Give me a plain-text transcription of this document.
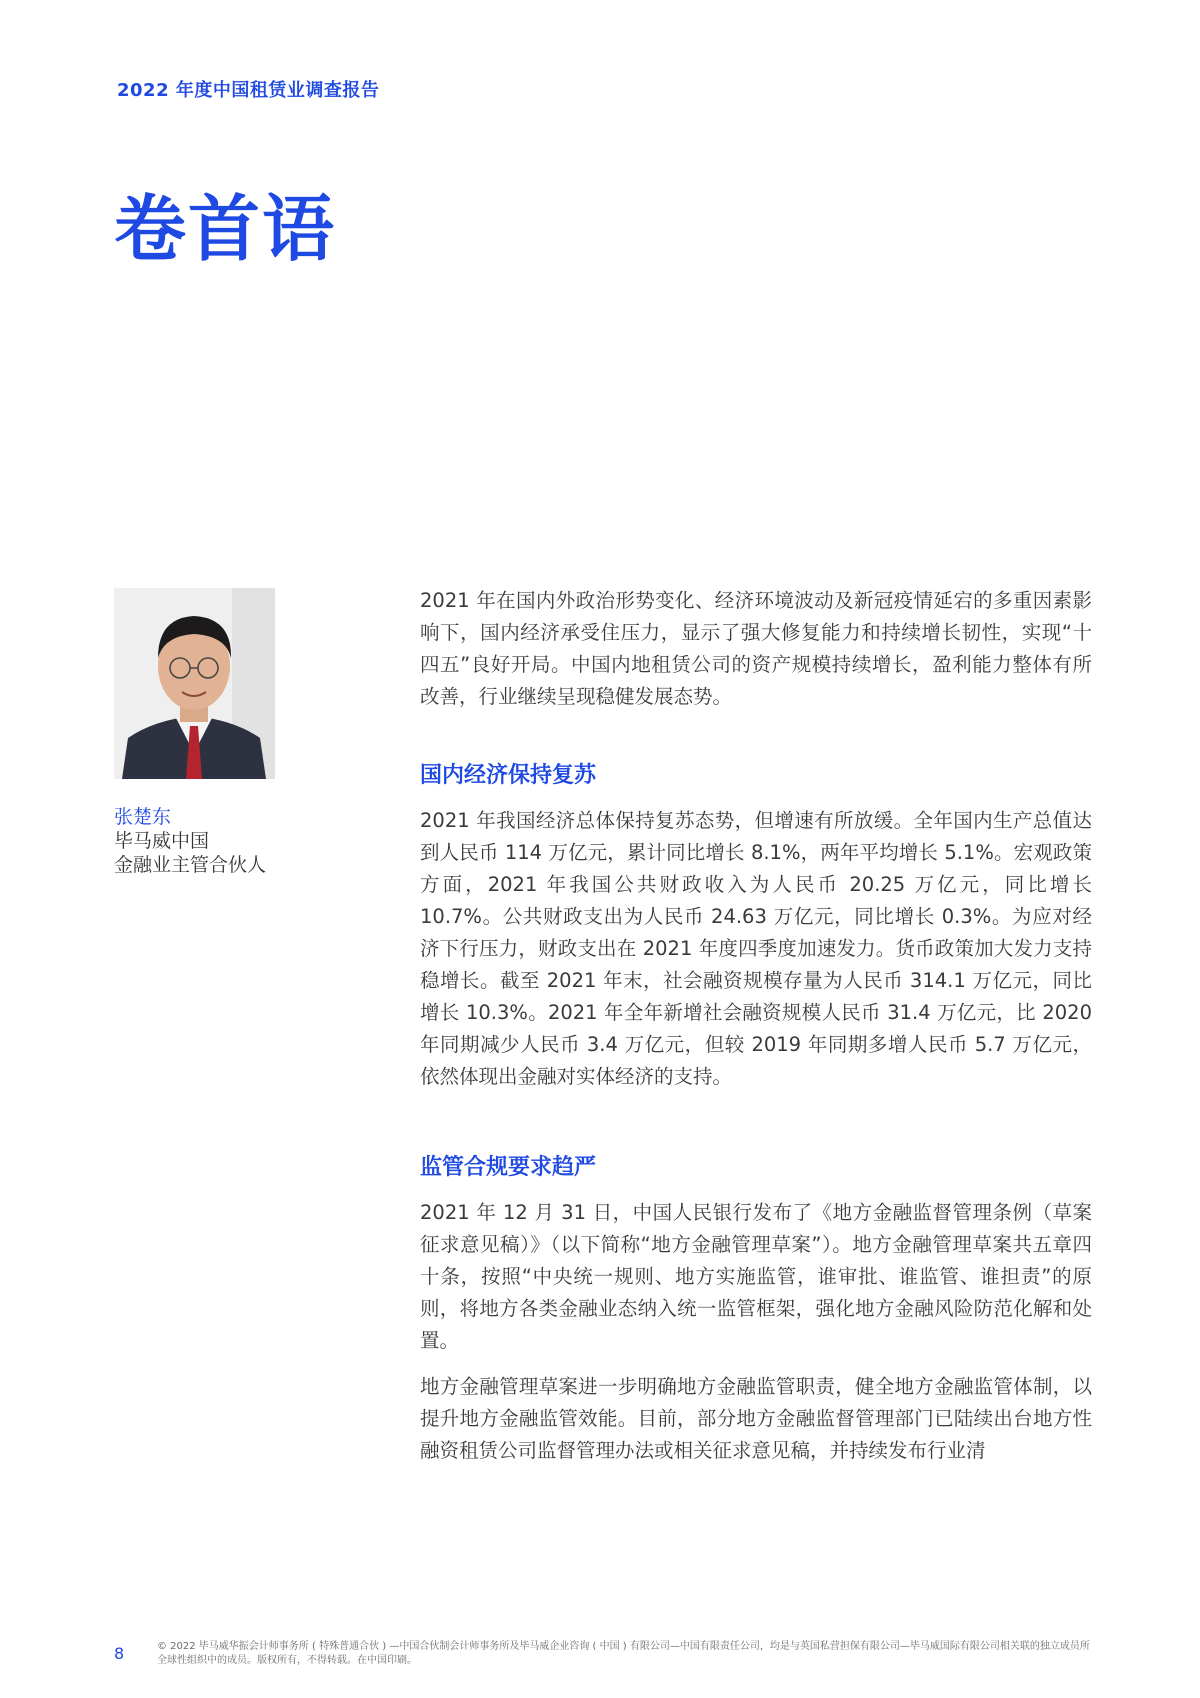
2022 年度中国租赁业调查报告
卷首语
张楚东
毕马威中国
金融业主管合伙人

2021 年在国内外政治形势变化、经济环境波动及新冠疫情延宕的多重因素影响下，国内经济承受住压力，显示了强大修复能力和持续增长韧性，实现“十四五”良好开局。中国内地租赁公司的资产规模持续增长，盈利能力整体有所改善，行业继续呈现稳健发展态势。

国内经济保持复苏

2021 年我国经济总体保持复苏态势，但增速有所放缓。全年国内生产总值达到人民币 114 万亿元，累计同比增长 8.1%，两年平均增长 5.1%。宏观政策方面，2021 年我国公共财政收入为人民币 20.25 万亿元，同比增长 10.7%。公共财政支出为人民币 24.63 万亿元，同比增长 0.3%。为应对经济下行压力，财政支出在 2021 年度四季度加速发力。货币政策加大发力支持稳增长。截至 2021 年末，社会融资规模存量为人民币 314.1 万亿元，同比增长 10.3%。2021 年全年新增社会融资规模人民币 31.4 万亿元，比 2020 年同期减少人民币 3.4 万亿元，但较 2019 年同期多增人民币 5.7 万亿元，依然体现出金融对实体经济的支持。

监管合规要求趋严

2021 年 12 月 31 日，中国人民银行发布了《地方金融监督管理条例（草案征求意见稿）》（以下简称“地方金融管理草案”）。地方金融管理草案共五章四十条，按照“中央统一规则、地方实施监管，谁审批、谁监管、谁担责”的原则，将地方各类金融业态纳入统一监管框架，强化地方金融风险防范化解和处置。

地方金融管理草案进一步明确地方金融监管职责，健全地方金融监管体制，以提升地方金融监管效能。目前，部分地方金融监督管理部门已陆续出台地方性融资租赁公司监督管理办法或相关征求意见稿，并持续发布行业清

8	© 2022 毕马威华振会计师事务所 ( 特殊普通合伙 ) —中国合伙制会计师事务所及毕马威企业咨询 ( 中国 ) 有限公司—中国有限责任公司，均是与英国私营担保有限公司—毕马威国际有限公司相关联的独立成员所全球性组织中的成员。版权所有，不得转载。在中国印刷。
